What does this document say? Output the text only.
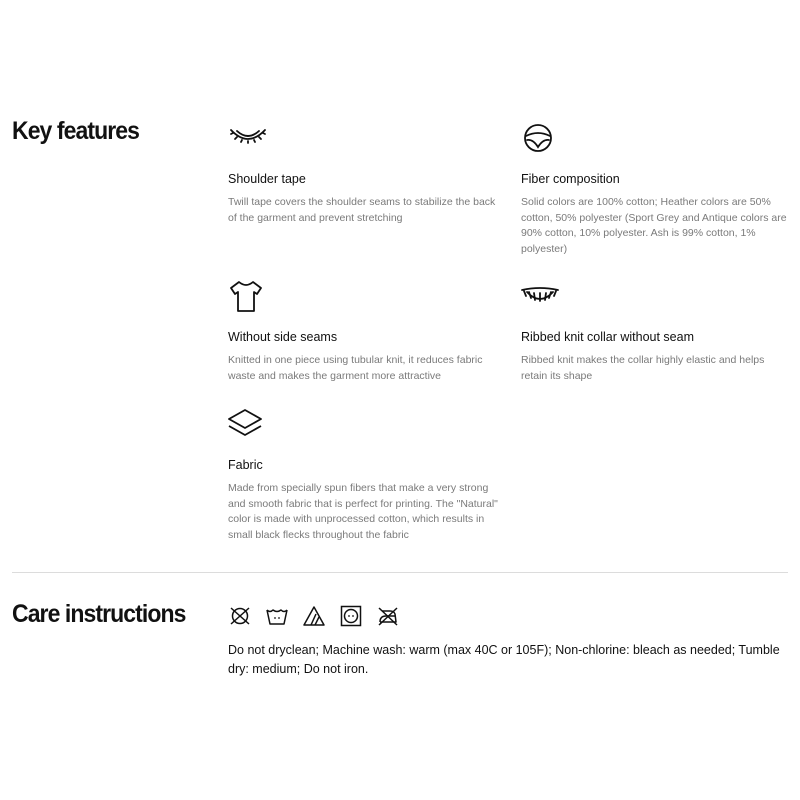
Key features
Shoulder tape
Twill tape covers the shoulder seams to stabilize the back of the garment and prevent stretching
Fiber composition
Solid colors are 100% cotton; Heather colors are 50% cotton, 50% polyester (Sport Grey and Antique colors are 90% cotton, 10% polyester. Ash is 99% cotton, 1% polyester)
Without side seams
Knitted in one piece using tubular knit, it reduces fabric waste and makes the garment more attractive
Ribbed knit collar without seam
Ribbed knit makes the collar highly elastic and helps retain its shape
Fabric
Made from specially spun fibers that make a very strong and smooth fabric that is perfect for printing. The "Natural" color is made with unprocessed cotton, which results in small black flecks throughout the fabric
Care instructions
Do not dryclean; Machine wash: warm (max 40C or 105F); Non-chlorine: bleach as needed; Tumble dry: medium; Do not iron.
